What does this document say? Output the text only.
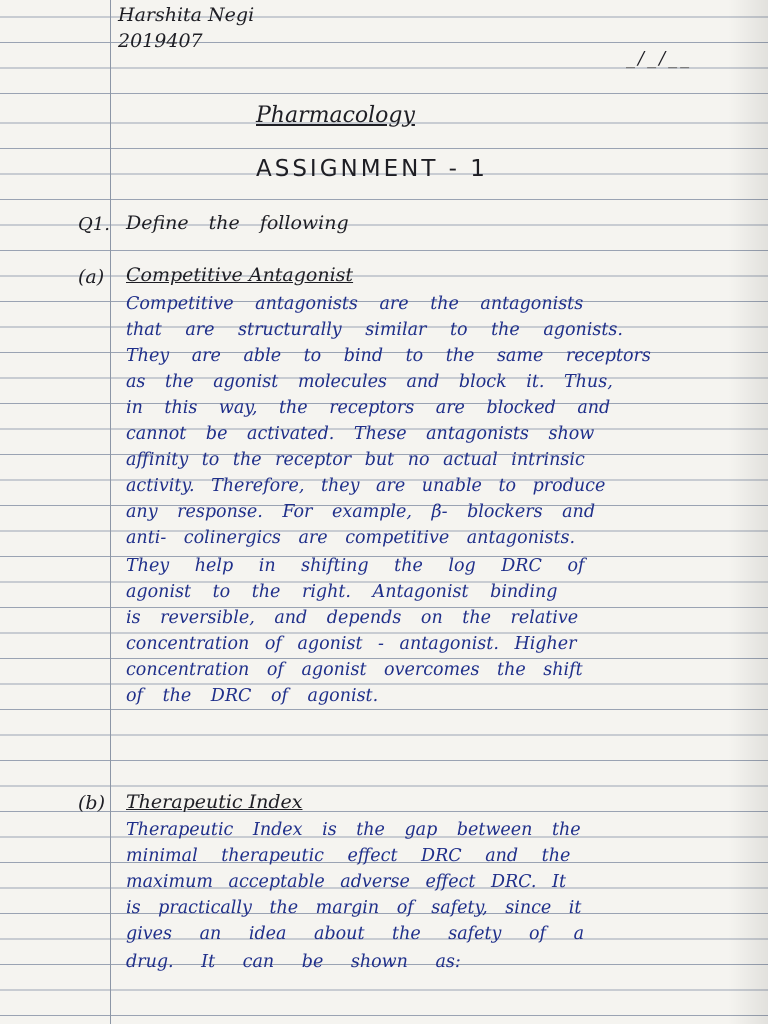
Harshita Negi
2019407
_/_/__
Pharmacology
ASSIGNMENT - 1
Q1. Define the following
(a) Competitive Antagonist
Competitive antagonists are the antagonists
that are structurally similar to the agonists.
They are able to bind to the same receptors
as the agonist molecules and block it. Thus,
in this way, the receptors are blocked and
cannot be activated. These antagonists show
affinity to the receptor but no actual intrinsic
activity. Therefore, they are unable to produce
any response. For example, β- blockers and
anti- colinergics are competitive antagonists.
They help in shifting the log DRC of
agonist to the right. Antagonist binding
is reversible, and depends on the relative
concentration of agonist - antagonist. Higher
concentration of agonist overcomes the shift
of the DRC of agonist.
(b) Therapeutic Index
Therapeutic Index is the gap between the
minimal therapeutic effect DRC and the
maximum acceptable adverse effect DRC. It
is practically the margin of safety, since it
gives an idea about the safety of a
drug. It can be shown as:
